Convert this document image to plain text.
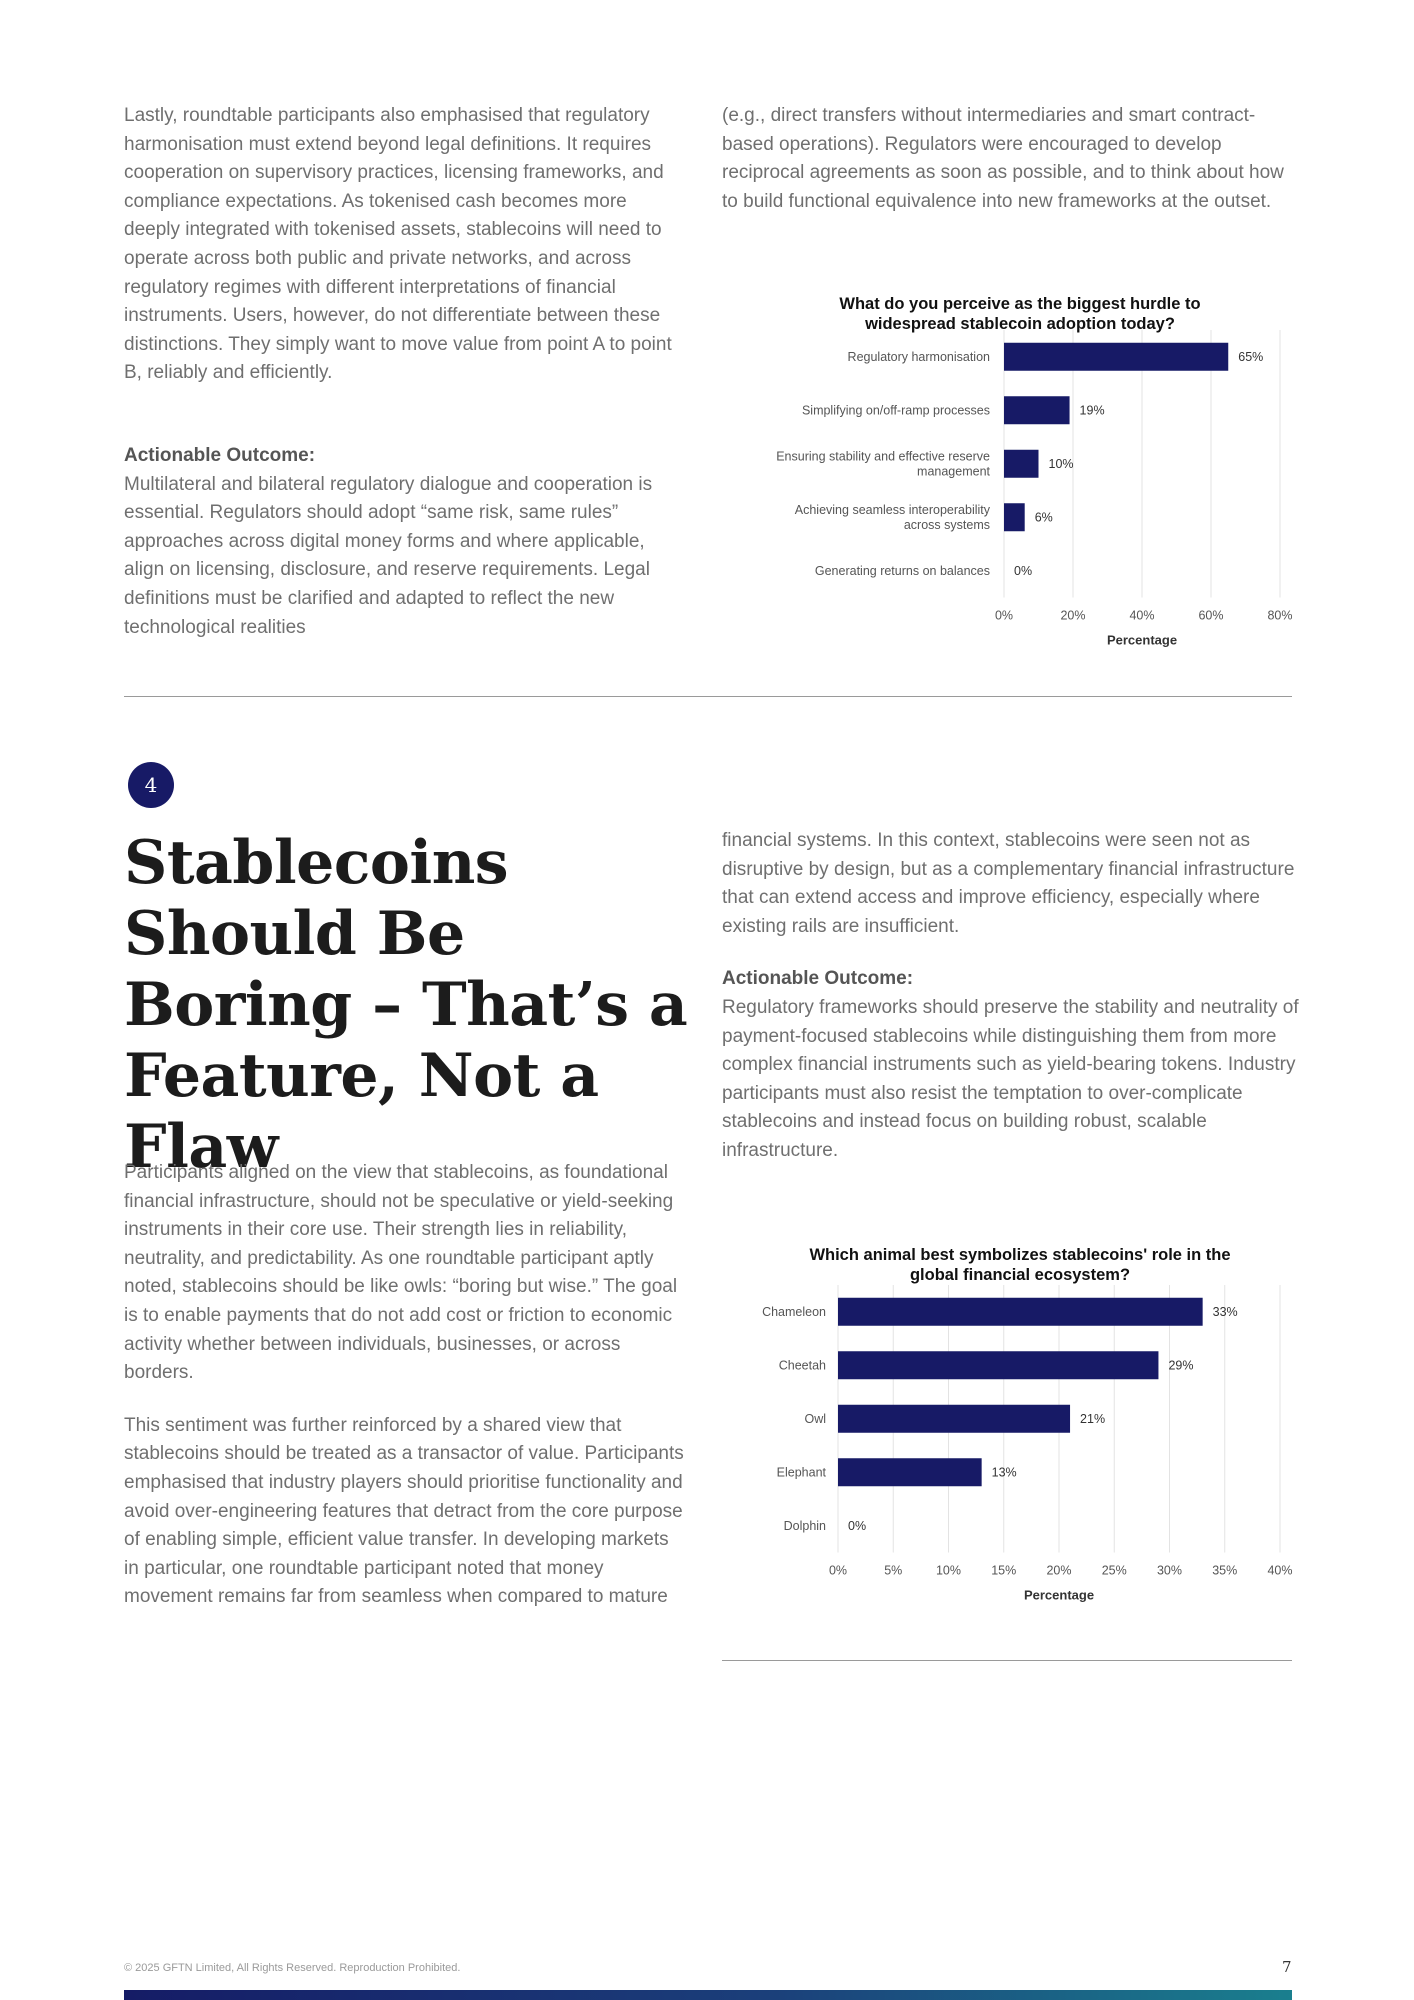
Lastly, roundtable participants also emphasised that regulatory harmonisation must extend beyond legal definitions. It requires cooperation on supervisory practices, licensing frameworks, and compliance expectations. As tokenised cash becomes more deeply integrated with tokenised assets, stablecoins will need to operate across both public and private networks, and across regulatory regimes with different interpretations of financial instruments. Users, however, do not differentiate between these distinctions. They simply want to move value from point A to point B, reliably and efficiently.

Actionable Outcome:

Multilateral and bilateral regulatory dialogue and cooperation is essential. Regulators should adopt “same risk, same rules” approaches across digital money forms and where applicable, align on licensing, disclosure, and reserve requirements. Legal definitions must be clarified and adapted to reflect the new technological realities

(e.g., direct transfers without intermediaries and smart contract-based operations). Regulators were encouraged to develop reciprocal agreements as soon as possible, and to think about how to build functional equivalence into new frameworks at the outset.

What do you perceive as the biggest hurdle to widespread stablecoin adoption today?

0%	20%	40%	60%	80%
Regulatory harmonisation	65%
Simplifying on/off-ramp processes	19%
Ensuring stability and effective reserve management
10%
Achieving seamless interoperability across systems
6%
Generating returns on balances 0%
Percentage
4
Stablecoins Should Be Boring – That’s a Feature, Not a Flaw

Participants aligned on the view that stablecoins, as foundational financial infrastructure, should not be speculative or yield-seeking instruments in their core use. Their strength lies in reliability, neutrality, and predictability. As one roundtable participant aptly noted, stablecoins should be like owls: “boring but wise.” The goal is to enable payments that do not add cost or friction to economic activity whether between individuals, businesses, or across borders.

This sentiment was further reinforced by a shared view that stablecoins should be treated as a transactor of value. Participants emphasised that industry players should prioritise functionality and avoid over-engineering features that detract from the core purpose of enabling simple, efficient value transfer. In developing markets in particular, one roundtable participant noted that money movement remains far from seamless when compared to mature

financial systems. In this context, stablecoins were seen not as disruptive by design, but as a complementary financial infrastructure that can extend access and improve efficiency, especially where existing rails are insufficient.

Actionable Outcome:

Regulatory frameworks should preserve the stability and neutrality of payment-focused stablecoins while distinguishing them from more complex financial instruments such as yield-bearing tokens. Industry participants must also resist the temptation to over-complicate stablecoins and instead focus on building robust, scalable infrastructure.

Which animal best symbolizes stablecoins' role in the global financial ecosystem?

0%	5%	10% 15% 20% 25% 30% 35% 40%
Chameleon	33%
Cheetah	29%
Owl	21%
Elephant	13%
Dolphin 0%
Percentage
© 2025 GFTN Limited, All Rights Reserved. Reproduction Prohibited.	7
